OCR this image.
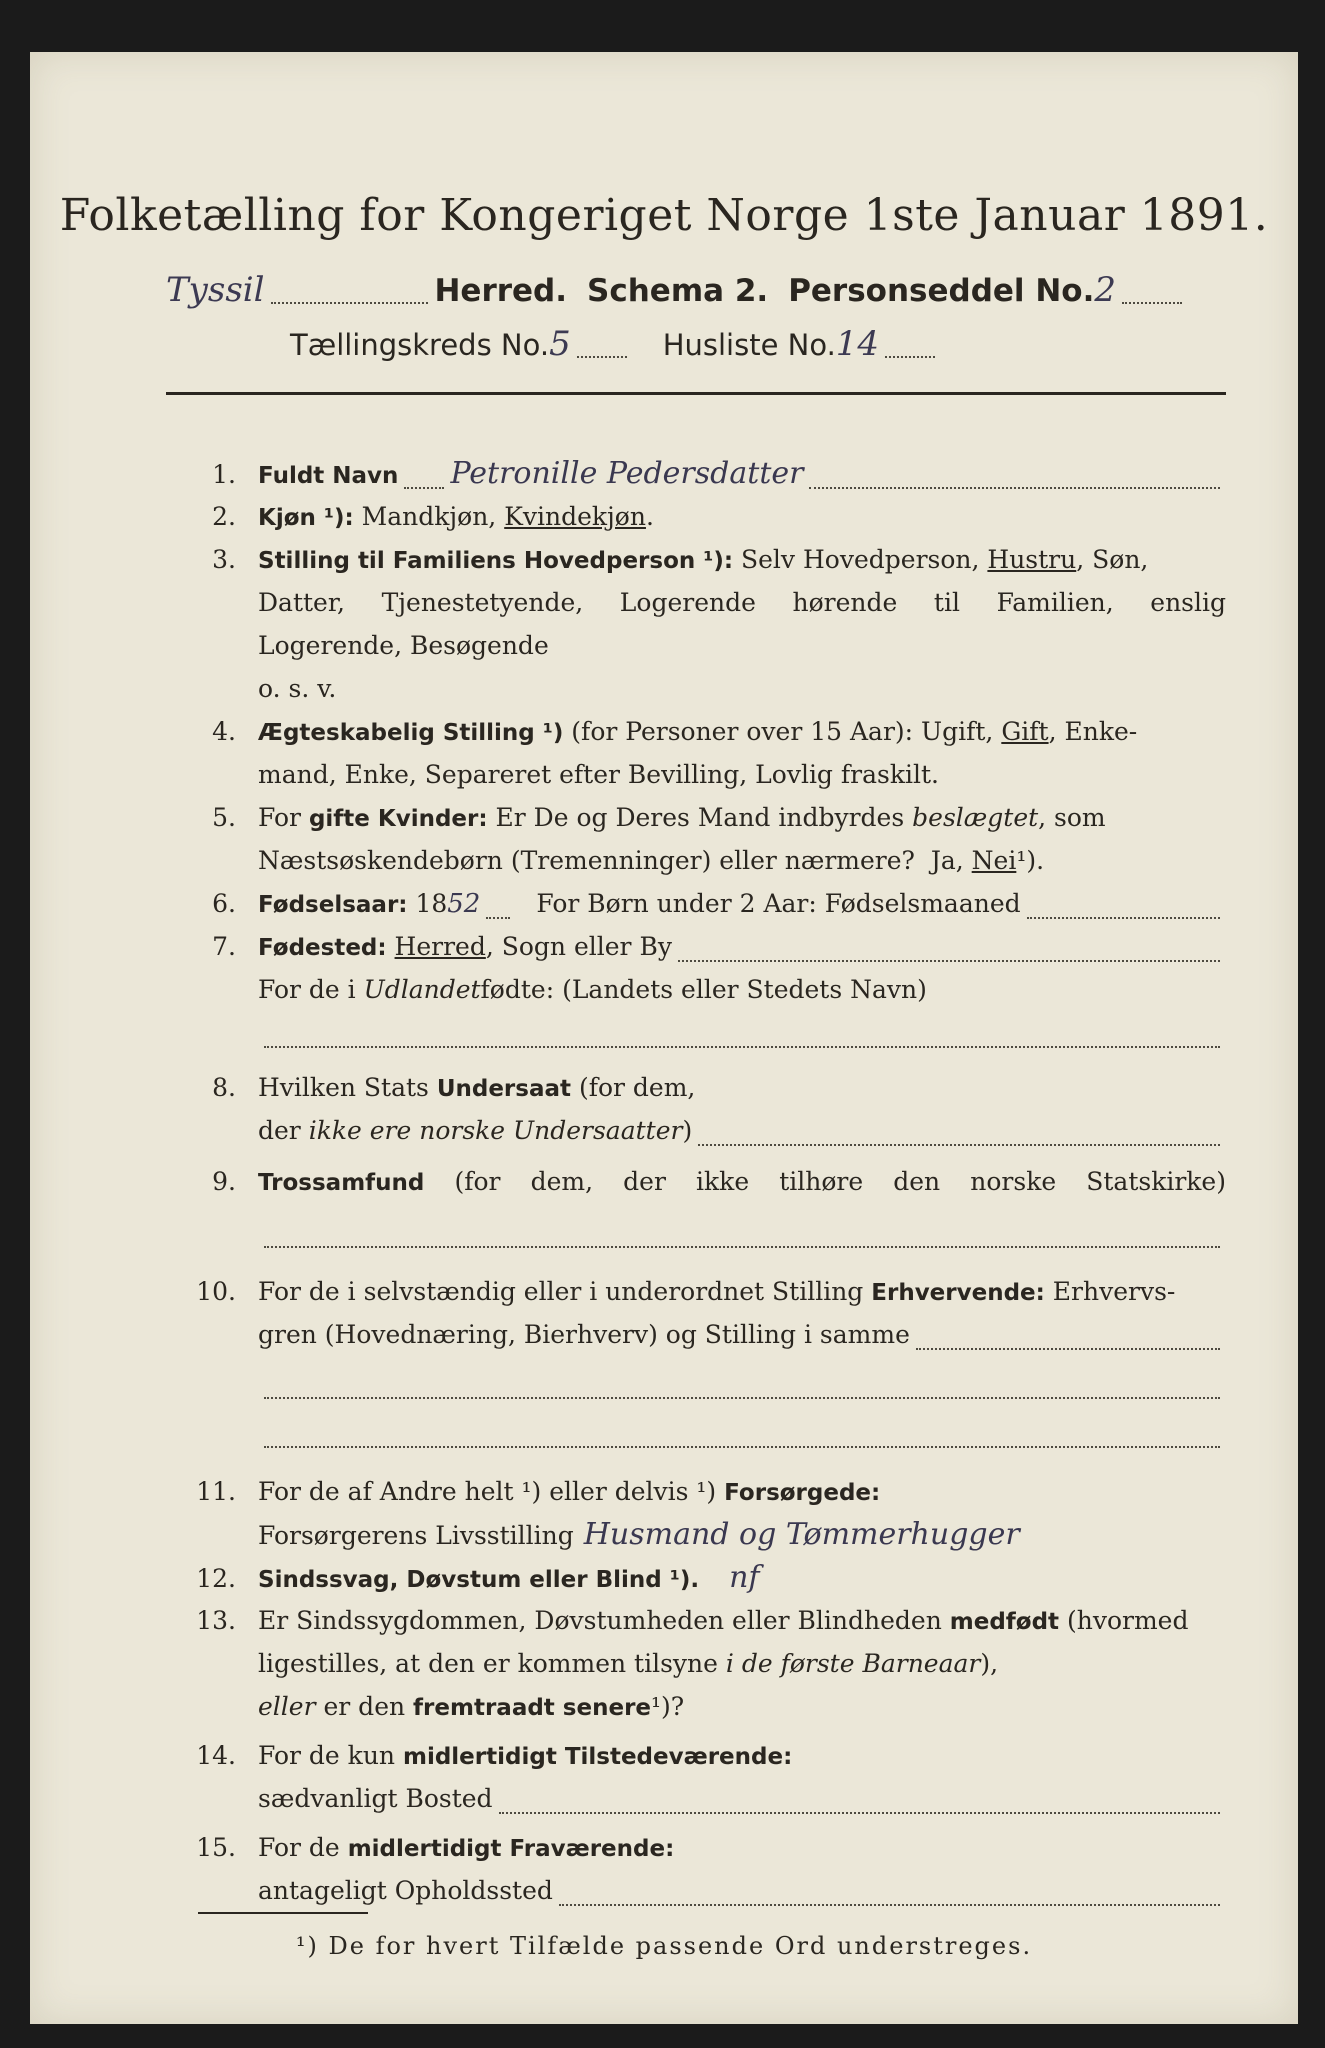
Folketælling for Kongeriget Norge 1ste Januar 1891.
Tyssil	Herred. Schema 2. Personseddel No. 2
Tællingskreds No. 5	Husliste No. 14
1. Fuldt Navn Petronille Pedersdatter
2. Kjøn ¹): Mandkjøn, Kvindekjøn .
3. Stilling til Familiens Hovedperson ¹): Selv Hovedperson, Hustru , Søn,
Datter, Tjenestetyende, Logerende hørende til Familien, enslig
Logerende, Besøgende
o. s. v.
4. Ægteskabelig Stilling ¹) (for Personer over 15 Aar): Ugift, Gift , Enke-
mand, Enke, Separeret efter Bevilling, Lovlig fraskilt.
5. For gifte Kvinder: Er De og Deres Mand indbyrdes beslægtet , som
Næstsøskendebørn (Tremenninger) eller nærmere?  Ja, Nei ¹).
6. Fødselsaar: 18 52 For Børn under 2 Aar: Fødselsmaaned
7. Fødested:
Herred , Sogn eller By
For de i Udlandet fødte: (Landets eller Stedets Navn)
8. Hvilken Stats Undersaat (for dem,
der ikke ere norske Undersaatter )
9. Trossamfund (for dem, der ikke tilhøre den norske Statskirke)
10. For de i selvstændig eller i underordnet Stilling Erhvervende: Erhvervs-
gren (Hovednæring, Bierhverv) og Stilling i samme
11. For de af Andre helt ¹) eller delvis ¹) Forsørgede:
Forsørgerens Livsstilling Husmand og Tømmerhugger
12. Sindssvag, Døvstum eller Blind ¹). nf
13. Er Sindssygdommen, Døvstumheden eller Blindheden medfødt (hvormed
ligestilles, at den er kommen tilsyne i de første Barneaar ),
eller er den fremtraadt senere ¹)?
14. For de kun midlertidigt Tilstedeværende:
sædvanligt Bosted
15. For de midlertidigt Fraværende:
antageligt Opholdssted
¹) De for hvert Tilfælde passende Ord understreges.
